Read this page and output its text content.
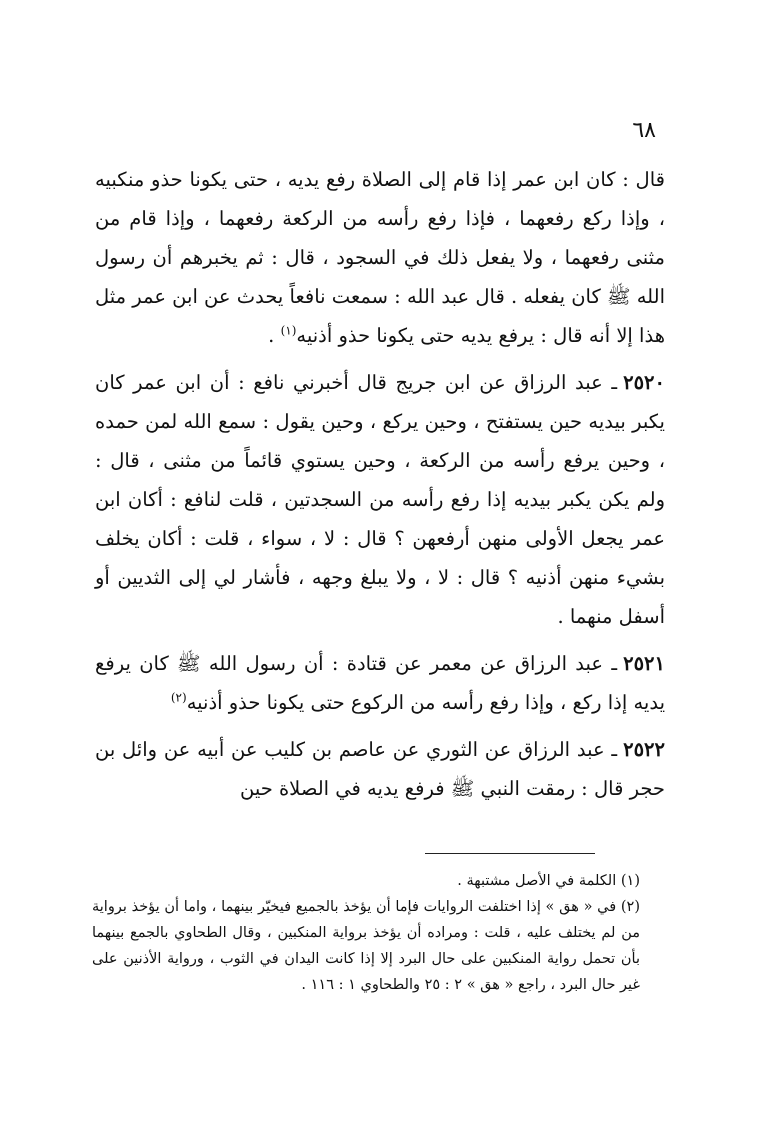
٦٨

قال : كان ابن عمر إذا قام إلى الصلاة رفع يديه ، حتى يكونا حذو منكبيه ، وإذا ركع رفعهما ، فإذا رفع رأسه من الركعة رفعهما ، وإذا قام من مثنى رفعهما ، ولا يفعل ذلك في السجود ، قال : ثم يخبرهم أن رسول الله ﷺ كان يفعله . قال عبد الله : سمعت نافعاً يحدث عن ابن عمر مثل هذا إلا أنه قال : يرفع يديه حتى يكونا حذو أذنيه$^{(١)}$ .

٢٥٢٠ـ عبد الرزاق عن ابن جريج قال أخبرني نافع : أن ابن عمر كان يكبر بيديه حين يستفتح ، وحين يركع ، وحين يقول : سمع الله لمن حمده ، وحين يرفع رأسه من الركعة ، وحين يستوي قائماً من مثنى ، قال : ولم يكن يكبر بيديه إذا رفع رأسه من السجدتين ، قلت لنافع : أكان ابن عمر يجعل الأولى منهن أرفعهن ؟ قال : لا ، سواء ، قلت : أكان يخلف بشيء منهن أذنيه ؟ قال : لا ، ولا يبلغ وجهه ، فأشار لي إلى الثديين أو أسفل منهما .

٢٥٢١ـ عبد الرزاق عن معمر عن قتادة : أن رسول الله ﷺ كان يرفع يديه إذا ركع ، وإذا رفع رأسه من الركوع حتى يكونا حذو أذنيه$^{(٢)}$

٢٥٢٢ـ عبد الرزاق عن الثوري عن عاصم بن كليب عن أبيه عن وائل بن حجر قال : رمقت النبي ﷺ فرفع يديه في الصلاة حين

(١) الكلمة في الأصل مشتبهة .

(٢) في « هق » إذا اختلفت الروايات فإما أن يؤخذ بالجميع فيخيّر بينهما ، واما أن يؤخذ برواية من لم يختلف عليه ، قلت : ومراده أن يؤخذ برواية المنكبين ، وقال الطحاوي بالجمع بينهما بأن تحمل رواية المنكبين على حال البرد إلا إذا كانت اليدان في الثوب ، ورواية الأذنين على غير حال البرد ، راجع « هق » ٢ : ٢٥ والطحاوي ١ : ١١٦ .
